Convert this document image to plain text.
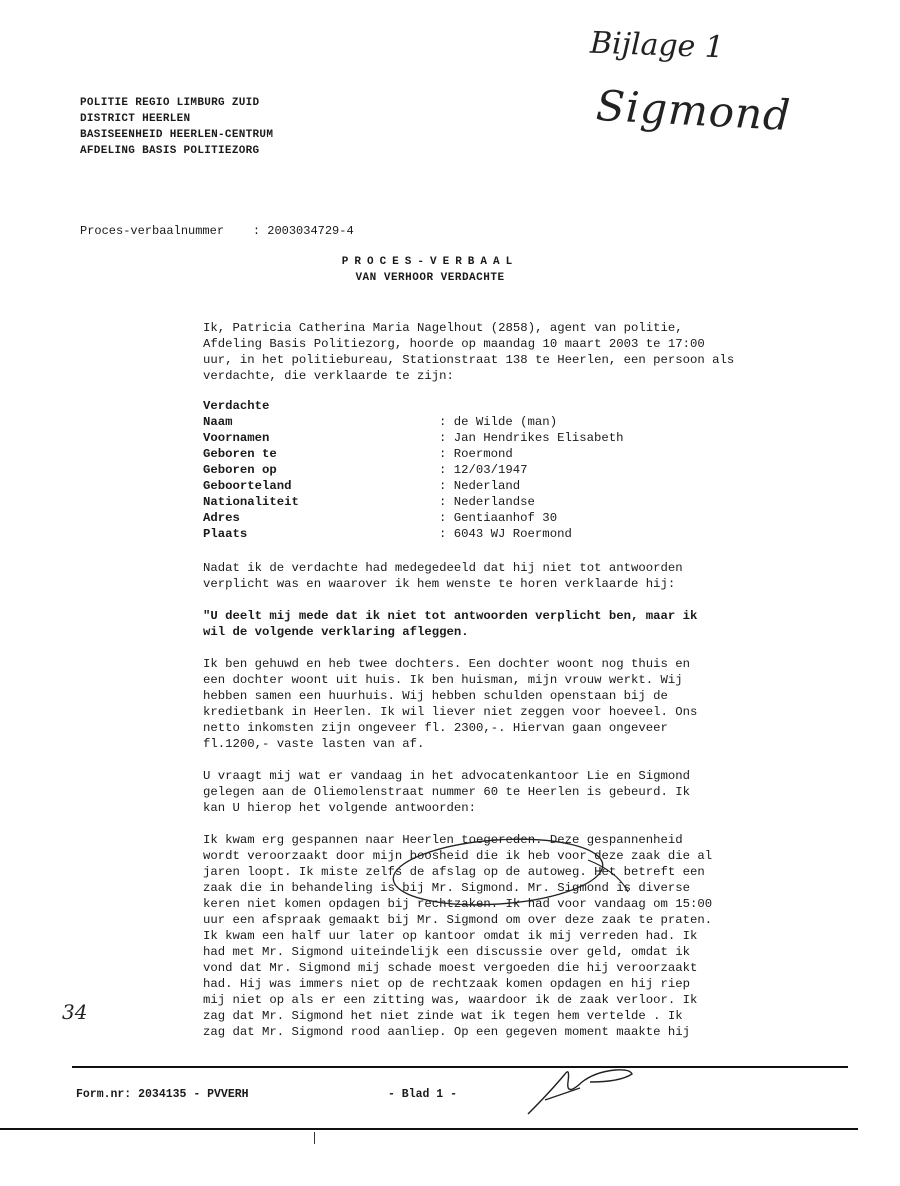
POLITIE REGIO LIMBURG ZUID
DISTRICT HEERLEN
BASISEENHEID HEERLEN-CENTRUM
AFDELING BASIS POLITIEZORG
Bijlage 1
Sigmond
Proces-verbaalnummer : 2003034729-4
PROCES-VERBAAL
VAN VERHOOR VERDACHTE
Ik, Patricia Catherina Maria Nagelhout (2858), agent van politie,
Afdeling Basis Politiezorg, hoorde op maandag 10 maart 2003 te 17:00
uur, in het politiebureau, Stationstraat 138 te Heerlen, een persoon als
verdachte, die verklaarde te zijn:
Verdachte
Naam	: de Wilde (man)
Voornamen	: Jan Hendrikes Elisabeth
Geboren te	: Roermond
Geboren op	: 12/03/1947
Geboorteland	: Nederland
Nationaliteit	: Nederlandse
Adres	: Gentiaanhof 30
Plaats	: 6043 WJ Roermond
Nadat ik de verdachte had medegedeeld dat hij niet tot antwoorden
verplicht was en waarover ik hem wenste te horen verklaarde hij:
"U deelt mij mede dat ik niet tot antwoorden verplicht ben, maar ik
wil de volgende verklaring afleggen.
Ik ben gehuwd en heb twee dochters. Een dochter woont nog thuis en
een dochter woont uit huis. Ik ben huisman, mijn vrouw werkt. Wij
hebben samen een huurhuis. Wij hebben schulden openstaan bij de
kredietbank in Heerlen. Ik wil liever niet zeggen voor hoeveel. Ons
netto inkomsten zijn ongeveer fl. 2300,-. Hiervan gaan ongeveer
fl.1200,- vaste lasten van af.
U vraagt mij wat er vandaag in het advocatenkantoor Lie en Sigmond
gelegen aan de Oliemolenstraat nummer 60 te Heerlen is gebeurd. Ik
kan U hierop het volgende antwoorden:
Ik kwam erg gespannen naar Heerlen toegereden. Deze gespannenheid
wordt veroorzaakt door mijn boosheid die ik heb voor deze zaak die al
jaren loopt. Ik miste zelfs de afslag op de autoweg. Het betreft een
zaak die in behandeling is bij Mr. Sigmond. Mr. Sigmond is diverse
keren niet komen opdagen bij rechtzaken. Ik had voor vandaag om 15:00
uur een afspraak gemaakt bij Mr. Sigmond om over deze zaak te praten.
Ik kwam een half uur later op kantoor omdat ik mij verreden had. Ik
had met Mr. Sigmond uiteindelijk een discussie over geld, omdat ik
vond dat Mr. Sigmond mij schade moest vergoeden die hij veroorzaakt
had. Hij was immers niet op de rechtzaak komen opdagen en hij riep
mij niet op als er een zitting was, waardoor ik de zaak verloor. Ik
zag dat Mr. Sigmond het niet zinde wat ik tegen hem vertelde . Ik
zag dat Mr. Sigmond rood aanliep. Op een gegeven moment maakte hij
34
Form.nr: 2034135 - PVVERH	- Blad 1 -
